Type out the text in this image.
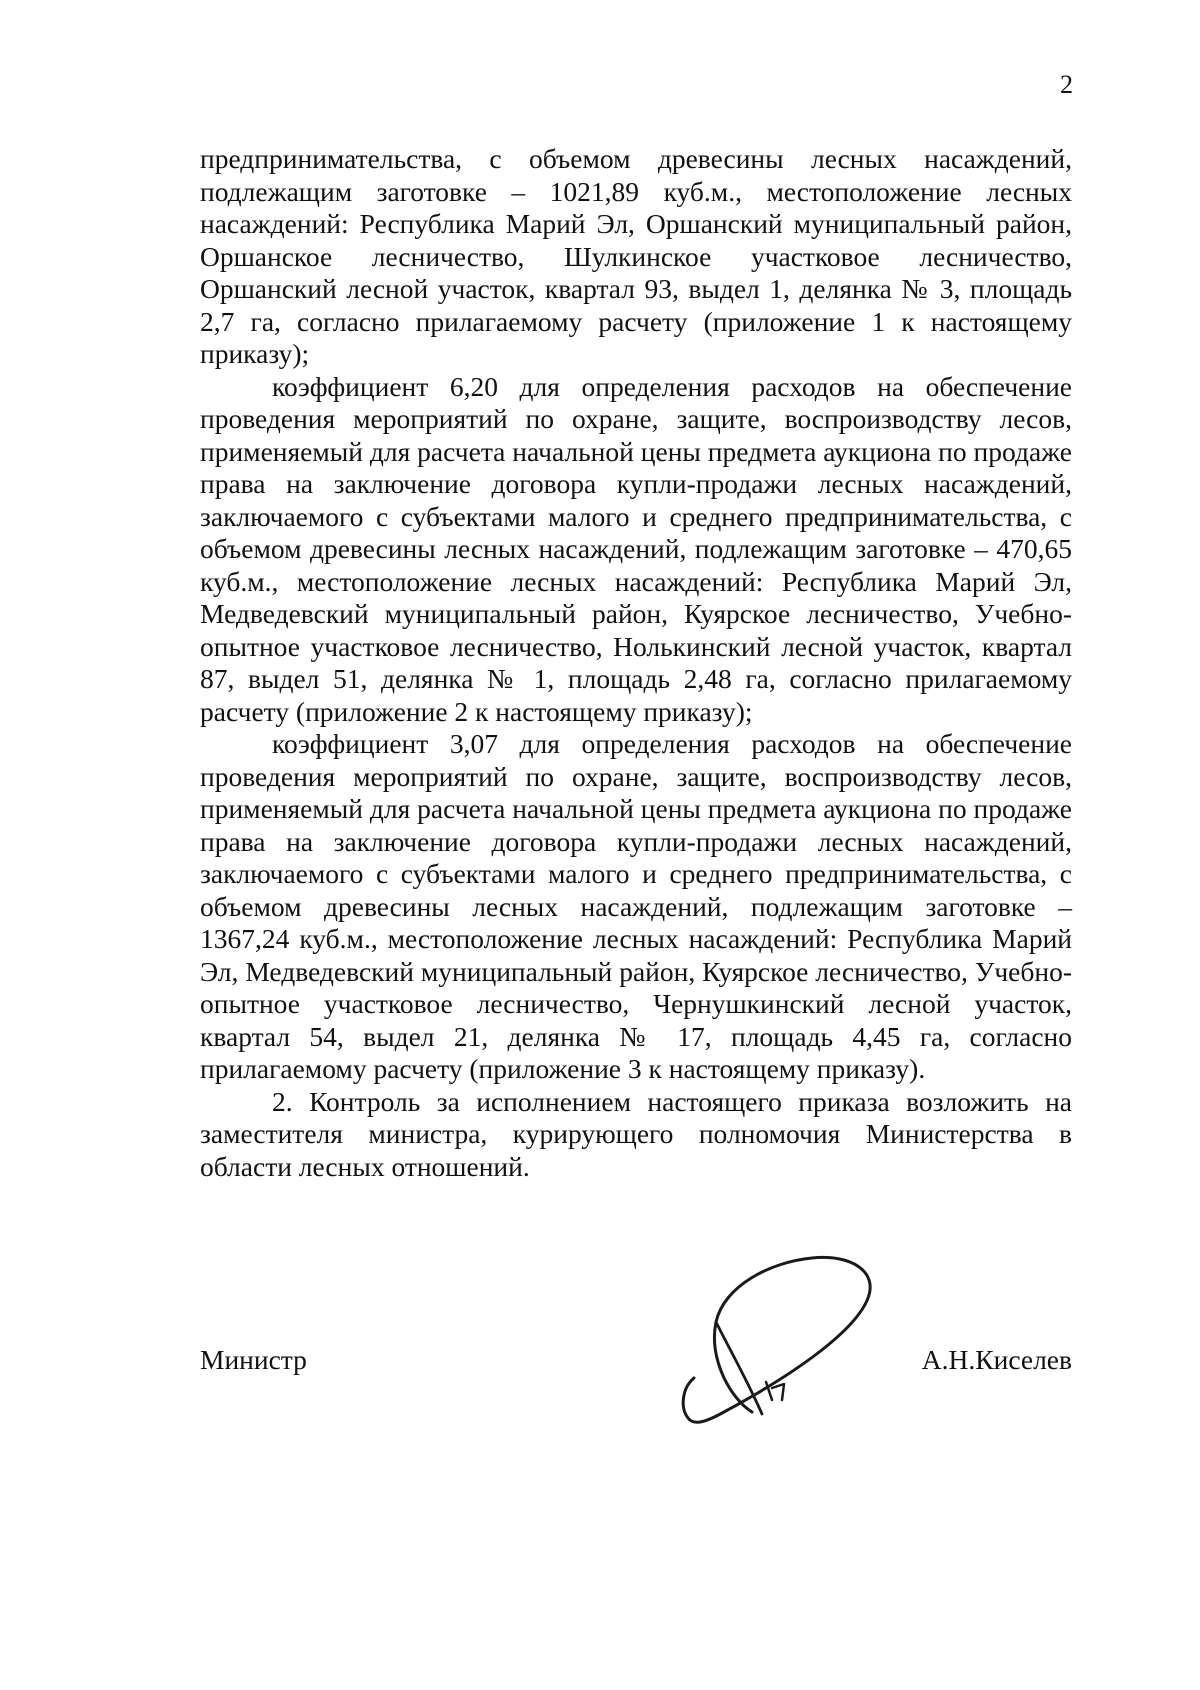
2

предпринимательства, с объемом древесины лесных насаждений, подлежащим заготовке – 1021,89 куб.м., местоположение лесных насаждений: Республика Марий Эл, Оршанский муниципальный район, Оршанское лесничество, Шулкинское участковое лесничество, Оршанский лесной участок, квартал 93, выдел 1, делянка № 3, площадь 2,7 га, согласно прилагаемому расчету (приложение 1 к настоящему приказу);

коэффициент 6,20 для определения расходов на обеспечение проведения мероприятий по охране, защите, воспроизводству лесов, применяемый для расчета начальной цены предмета аукциона по продаже права на заключение договора купли-продажи лесных насаждений, заключаемого с субъектами малого и среднего предпринимательства, с объемом древесины лесных насаждений, подлежащим заготовке – 470,65 куб.м., местоположение лесных насаждений: Республика Марий Эл, Медведевский муниципальный район, Куярское лесничество, Учебно-опытное участковое лесничество, Нолькинский лесной участок, квартал 87, выдел 51, делянка № 1, площадь 2,48 га, согласно прилагаемому расчету (приложение 2 к настоящему приказу);

коэффициент 3,07 для определения расходов на обеспечение проведения мероприятий по охране, защите, воспроизводству лесов, применяемый для расчета начальной цены предмета аукциона по продаже права на заключение договора купли-продажи лесных насаждений, заключаемого с субъектами малого и среднего предпринимательства, с объемом древесины лесных насаждений, подлежащим заготовке – 1367,24 куб.м., местоположение лесных насаждений: Республика Марий Эл, Медведевский муниципальный район, Куярское лесничество, Учебно-опытное участковое лесничество, Чернушкинский лесной участок, квартал 54, выдел 21, делянка № 17, площадь 4,45 га, согласно прилагаемому расчету (приложение 3 к настоящему приказу).

2. Контроль за исполнением настоящего приказа возложить на заместителя министра, курирующего полномочия Министерства в области лесных отношений.

Министр	А.Н.Киселев
